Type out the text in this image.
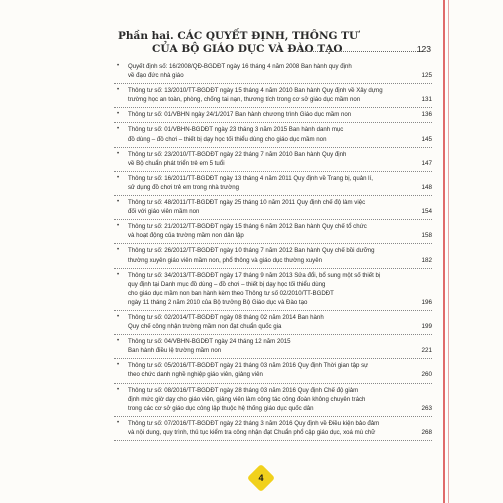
Phần hai. CÁC QUYẾT ĐỊNH, THÔNG TƯ
CỦA BỘ GIÁO DỤC VÀ ĐÀO TẠO	123
• Quyết định số: 16/2008/QĐ-BGDĐT ngày 16 tháng 4 năm 2008 Ban hành quy định
về đạo đức nhà giáo	125
• Thông tư số: 13/2010/TT-BGDĐT ngày 15 tháng 4 năm 2010 Ban hành Quy định về Xây dựng
trường học an toàn, phòng, chống tai nạn, thương tích trong cơ sở giáo dục mầm non	131
• Thông tư số: 01/VBHN ngày 24/1/2017 Ban hành chương trình Giáo dục mầm non	136
• Thông tư số: 01/VBHN-BGDĐT ngày 23 tháng 3 năm 2015 Ban hành danh mục
đồ dùng – đồ chơi – thiết bị dạy học tối thiểu dùng cho giáo dục mầm non	145
• Thông tư số: 23/2010/TT-BGDĐT ngày 22 tháng 7 năm 2010 Ban hành Quy định
về Bộ chuẩn phát triển trẻ em 5 tuổi	147
• Thông tư số: 16/2011/TT-BGDĐT ngày 13 tháng 4 năm 2011 Quy định về Trang bị, quản lí,
sử dụng đồ chơi trẻ em trong nhà trường	148
• Thông tư số: 48/2011/TT-BGDĐT ngày 25 tháng 10 năm 2011 Quy định chế độ làm việc
đối với giáo viên mầm non	154
• Thông tư số: 21/2012/TT-BGDĐT ngày 15 tháng 6 năm 2012 Ban hành Quy chế tổ chức
và hoạt động của trường mầm non dân lập	158
• Thông tư số: 26/2012/TT-BGDĐT ngày 10 tháng 7 năm 2012 Ban hành Quy chế bồi dưỡng
thường xuyên giáo viên mầm non, phổ thông và giáo dục thường xuyên	182
• Thông tư số: 34/2013/TT-BGDĐT ngày 17 tháng 9 năm 2013 Sửa đổi, bổ sung một số thiết bị
quy định tại Danh mục đồ dùng – đồ chơi – thiết bị dạy học tối thiểu dùng
cho giáo dục mầm non ban hành kèm theo Thông tư số 02/2010/TT-BGDĐT
ngày 11 tháng 2 năm 2010 của Bộ trưởng Bộ Giáo dục và Đào tạo	196
• Thông tư số: 02/2014/TT-BGDĐT ngày 08 tháng 02 năm 2014 Ban hành
Quy chế công nhận trường mầm non đạt chuẩn quốc gia	199
• Thông tư số: 04/VBHN-BGDĐT ngày 24 tháng 12 năm 2015
Ban hành điều lệ trường mầm non	221
• Thông tư số: 05/2016/TT-BGDĐT ngày 21 tháng 03 năm 2016 Quy định Thời gian tập sự
theo chức danh nghề nghiệp giáo viên, giảng viên	260
• Thông tư số: 08/2016/TT-BGDĐT ngày 28 tháng 03 năm 2016 Quy định Chế độ giảm
định mức giờ dạy cho giáo viên, giảng viên làm công tác công đoàn không chuyên trách
trong các cơ sở giáo dục công lập thuộc hệ thống giáo dục quốc dân	263
• Thông tư số: 07/2016/TT-BGDĐT ngày 22 tháng 3 năm 2016 Quy định về Điều kiện bảo đảm
và nội dung, quy trình, thủ tục kiểm tra công nhận đạt Chuẩn phổ cập giáo dục, xoá mù chữ	268
4
